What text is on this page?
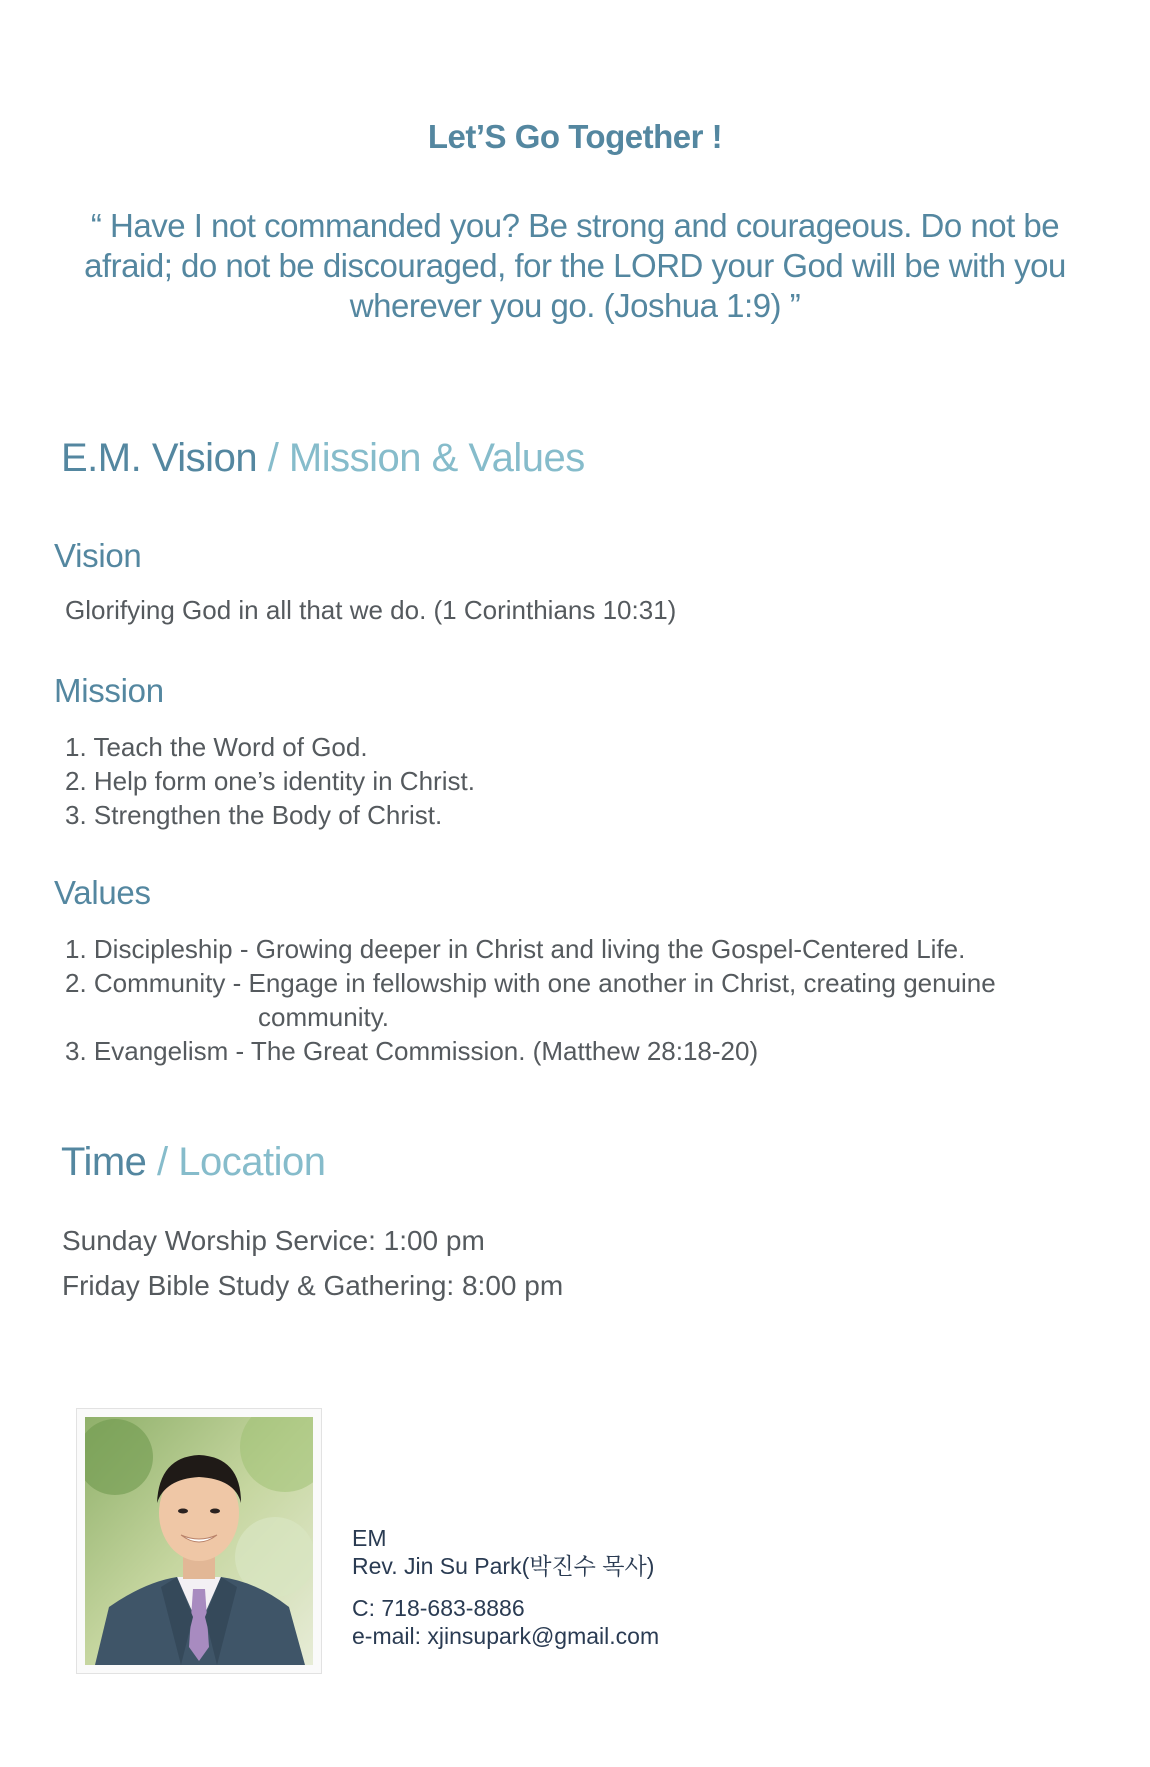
Let’S Go Together !
“ Have I not commanded you? Be strong and courageous. Do not be afraid; do not be discouraged, for the LORD your God will be with you wherever you go. (Joshua 1:9) ”
E.M. Vision / Mission & Values
Vision
Glorifying God in all that we do. (1 Corinthians 10:31)
Mission
1. Teach the Word of God.
2. Help form one’s identity in Christ.
3. Strengthen the Body of Christ.
Values
1. Discipleship - Growing deeper in Christ and living the Gospel-Centered Life.
2. Community - Engage in fellowship with one another in Christ, creating genuine
community.
3. Evangelism - The Great Commission. (Matthew 28:18-20)
Time / Location
Sunday Worship Service: 1:00 pm
Friday Bible Study & Gathering: 8:00 pm
EM
Rev. Jin Su Park(박진수 목사)
C: 718-683-8886
e-mail: xjinsupark@gmail.com
